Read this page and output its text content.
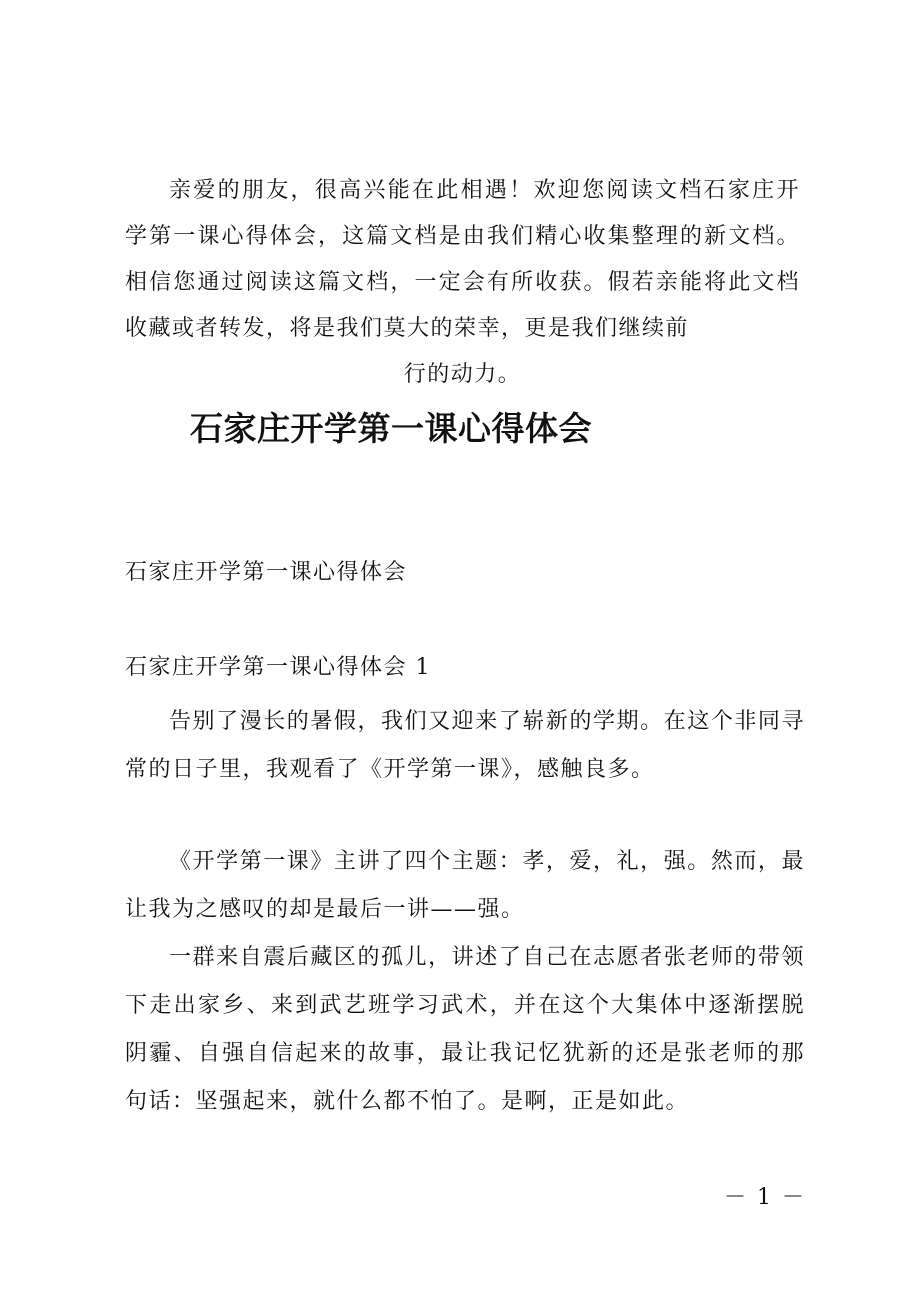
亲爱的朋友，很高兴能在此相遇！欢迎您阅读文档石家庄开学第一课心得体会，这篇文档是由我们精心收集整理的新文档。相信您通过阅读这篇文档，一定会有所收获。假若亲能将此文档收藏或者转发，将是我们莫大的荣幸，更是我们继续前

行的动力。

石家庄开学第一课心得体会

石家庄开学第一课心得体会

石家庄开学第一课心得体会 1

告别了漫长的暑假，我们又迎来了崭新的学期。在这个非同寻常的日子里，我观看了《开学第一课》，感触良多。

《开学第一课》主讲了四个主题：孝，爱，礼，强。然而，最让我为之感叹的却是最后一讲——强。

一群来自震后藏区的孤儿，讲述了自己在志愿者张老师的带领下走出家乡、来到武艺班学习武术，并在这个大集体中逐渐摆脱阴霾、自强自信起来的故事，最让我记忆犹新的还是张老师的那句话：坚强起来，就什么都不怕了。是啊，正是如此。

－ 1 －
